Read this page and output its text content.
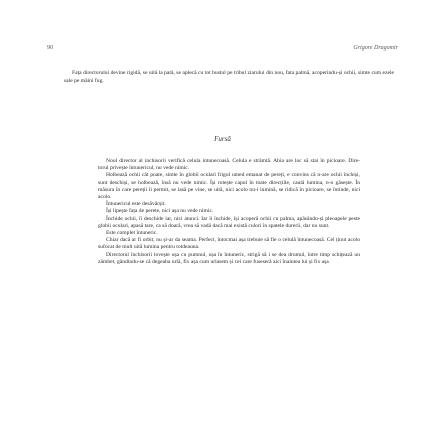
90	Grigore Dragomir
Fața directorului devine rigidă, se uită la pată, se aplecă cu tot bustul pe tribul ziarului din nou, fata palmă, acoperindu-și ochii, simte cum ezele sale pe mâini fug.
Fursă

Noul director al inchisorii verifică celula intunecoasă. Celula e strâmtă. Abia are loc să stai în picioare. Dire- torul privește întunericul, nu vede nimic.

Holbează ochii cât poate, simte în globii oculari frigul umed emanat de pereți, e convins că n-are ochii închiși, sunt deschiși, se holbează, însă nu vede nimic. Își rotește capul în toate direcțiile, caută lumina, n-o găsește. În măsura în care pereții îi permit, se lasă pe vine, se uită, nici acolo nu-i lumină, se ridică în picioare, se întinde, nici acolo.

Întunericul este desăvârșit.

Își lipește fața de perete, nici așa nu vede nimic.

Închide ochii, îi deschide iar, nici atunci. Iar îi închide, își acoperă ochii cu palma, apăsându-și pleoapele peste globii oculari, apasă tare, ca să doară, vrea să vadă dacă mai există culori în spatele durerii, dar nu sunt.

Este complet întuneric.

Chiar dacă ar fi orbit, nu și-ar da seama. Perfect, întocmai așa trebuie să fie o celulă întunecoasă. Cel ținut acolo sufocat de mult uită lumina pentru totdeauna.

Directorul închisorii lovește ușa cu pumnul, ușa în întuneric, strigă să i se dea drumul, între timp schițează un zâmbet, gândindu-se că degeaba urlă, fix așa cum urlasem și cei care fuseseră aici înaintea lui și fix așa
